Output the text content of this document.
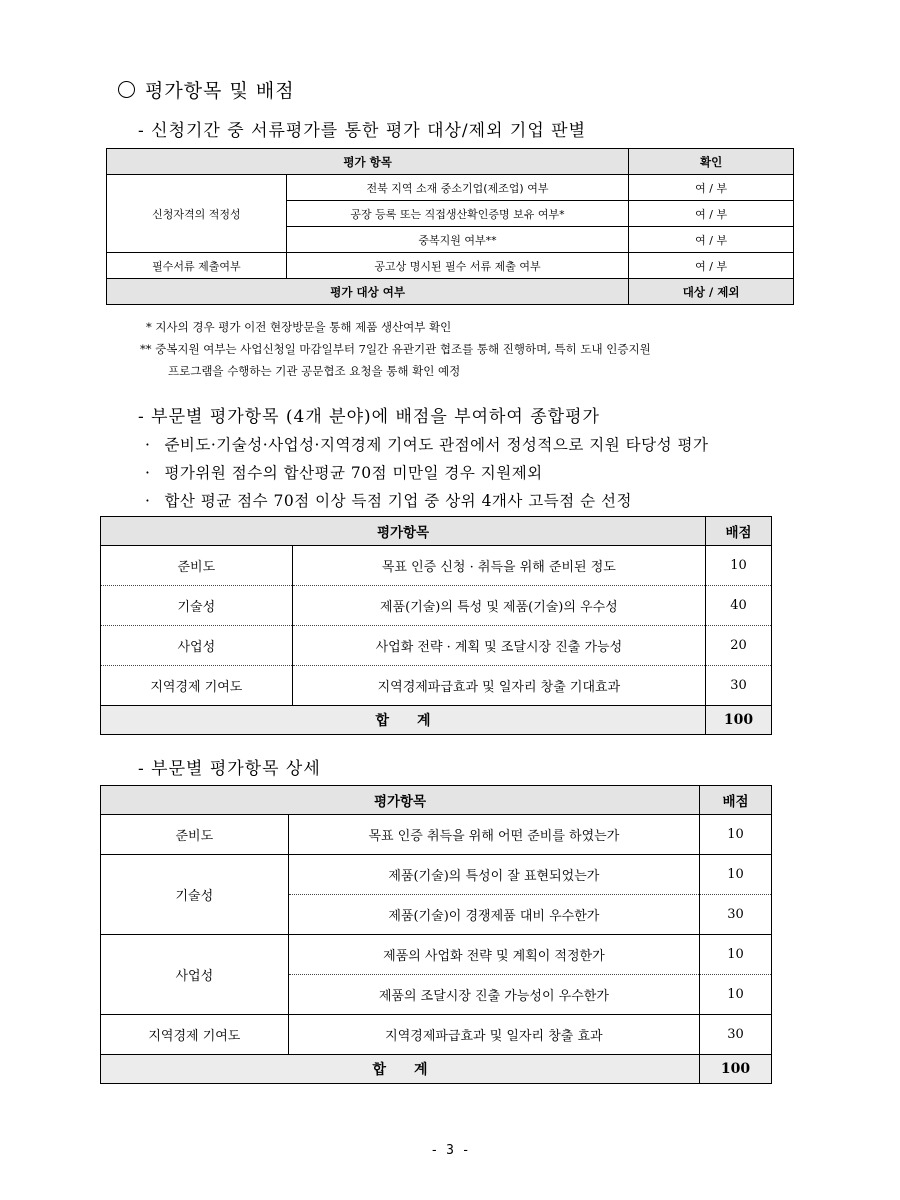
평가항목 및 배점
- 신청기간 중 서류평가를 통한 평가 대상/제외 기업 판별
평가 항목		확인
신청자격의 적정성	전북 지역 소재 중소기업(제조업) 여부	여 / 부
	공장 등록 또는 직접생산확인증명 보유 여부*	여 / 부
	중복지원 여부**	여 / 부
필수서류 제출여부	공고상 명시된 필수 서류 제출 여부	여 / 부
평가 대상 여부		대상 / 제외
* 지사의 경우 평가 이전 현장방문을 통해 제품 생산여부 확인
** 중복지원 여부는 사업신청일 마감일부터 7일간 유관기관 협조를 통해 진행하며, 특히 도내 인증지원
프로그램을 수행하는 기관 공문협조 요청을 통해 확인 예정
- 부문별 평가항목 (4개 분야)에 배점을 부여하여 종합평가
· 준비도·기술성·사업성·지역경제 기여도 관점에서 정성적으로 지원 타당성 평가
· 평가위원 점수의 합산평균 70점 미만일 경우 지원제외
· 합산 평균 점수 70점 이상 득점 기업 중 상위 4개사 고득점 순 선정
평가항목		배점
준비도	목표 인증 신청 · 취득을 위해 준비된 정도	10
기술성	제품(기술)의 특성 및 제품(기술)의 우수성	40
사업성	사업화 전략 · 계획 및 조달시장 진출 가능성	20
지역경제 기여도	지역경제파급효과 및 일자리 창출 기대효과	30
합계		100
- 부문별 평가항목 상세
평가항목		배점
준비도	목표 인증 취득을 위해 어떤 준비를 하였는가	10
기술성	제품(기술)의 특성이 잘 표현되었는가	10
	제품(기술)이 경쟁제품 대비 우수한가	30
사업성	제품의 사업화 전략 및 계획이 적정한가	10
	제품의 조달시장 진출 가능성이 우수한가	10
지역경제 기여도	지역경제파급효과 및 일자리 창출 효과	30
합계		100
- 3 -
